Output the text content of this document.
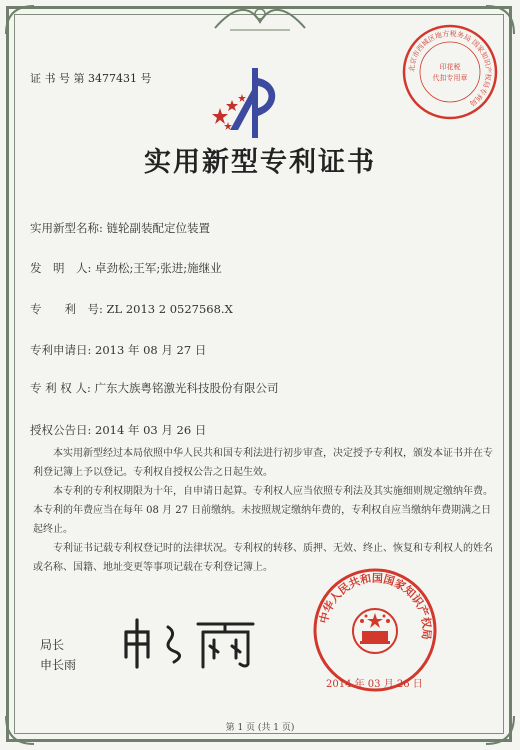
证 书 号 第 3477431 号
北京市西城区地方税务局 国家知识产权局专利局
印花税
代扣专用章
实用新型专利证书
实用新型名称: 链轮副装配定位装置
发　明　人: 卓劲松;王军;张进;施继业
专　　利　号: ZL 2013 2 0527568.X
专利申请日: 2013 年 08 月 27 日
专 利 权 人: 广东大族粤铭激光科技股份有限公司
授权公告日: 2014 年 03 月 26 日

本实用新型经过本局依照中华人民共和国专利法进行初步审查，决定授予专利权，颁发本证书并在专利登记簿上予以登记。专利权自授权公告之日起生效。

本专利的专利权期限为十年，自申请日起算。专利权人应当依照专利法及其实施细则规定缴纳年费。本专利的年费应当在每年 08 月 27 日前缴纳。未按照规定缴纳年费的，专利权自应当缴纳年费期满之日起终止。

专利证书记载专利权登记时的法律状况。专利权的转移、质押、无效、终止、恢复和专利权人的姓名或名称、国籍、地址变更等事项记载在专利登记簿上。

中华人民共和国国家知识产权局
局长
申长雨
2014 年 03 月 26 日
第 1 页 (共 1 页)
